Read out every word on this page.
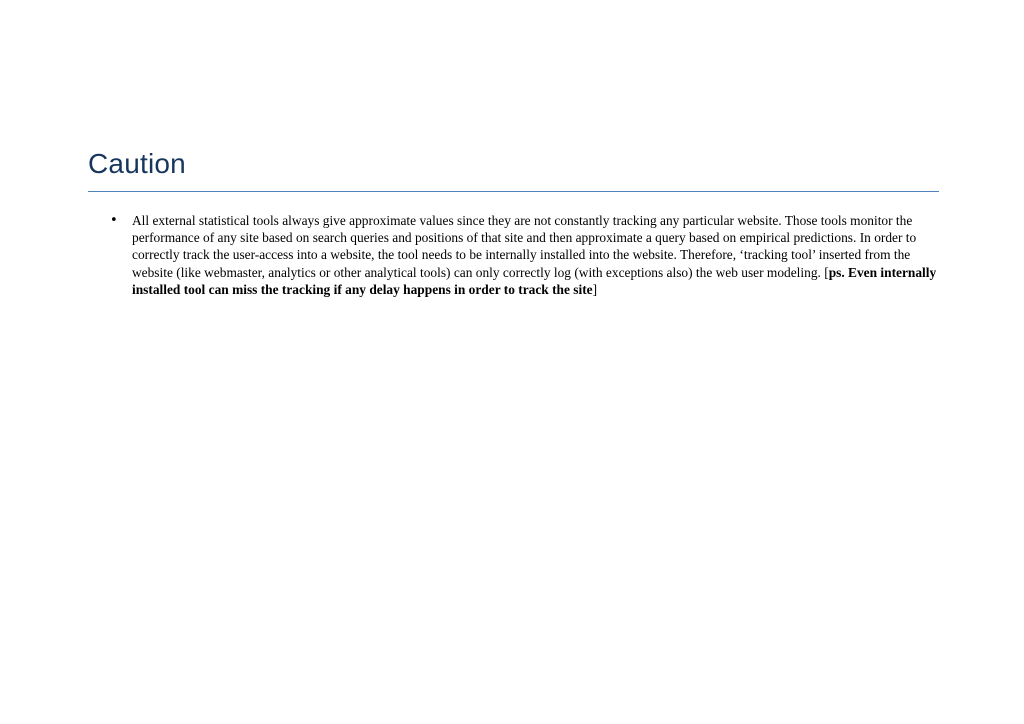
Caution
• All external statistical tools always give approximate values since they are not constantly tracking any particular website. Those tools monitor the performance of any site based on search queries and positions of that site and then approximate a query based on empirical predictions. In order to correctly track the user-access into a website, the tool needs to be internally installed into the website. Therefore, ‘tracking tool’ inserted from the website (like webmaster, analytics or other analytical tools) can only correctly log (with exceptions also) the web user modeling. [ps. Even internally installed tool can miss the tracking if any delay happens in order to track the site]
